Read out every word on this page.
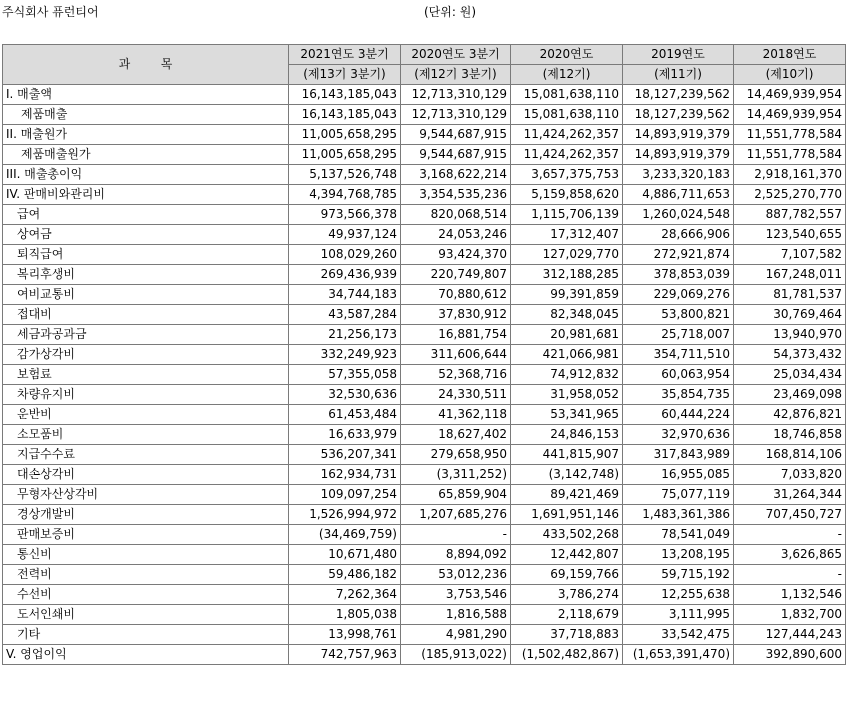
주식회사 퓨런티어	(단위: 원)
과        목	2021연도 3분기	2020연도 3분기	2020연도	2019연도	2018연도
	(제13기 3분기)	(제12기 3분기)	(제12기)	(제11기)	(제10기)
I. 매출액	16,143,185,043	12,713,310,129	15,081,638,110	18,127,239,562	14,469,939,954
제품매출	16,143,185,043	12,713,310,129	15,081,638,110	18,127,239,562	14,469,939,954
II. 매출원가	11,005,658,295	9,544,687,915	11,424,262,357	14,893,919,379	11,551,778,584
제품매출원가	11,005,658,295	9,544,687,915	11,424,262,357	14,893,919,379	11,551,778,584
III. 매출총이익	5,137,526,748	3,168,622,214	3,657,375,753	3,233,320,183	2,918,161,370
IV. 판매비와관리비	4,394,768,785	3,354,535,236	5,159,858,620	4,886,711,653	2,525,270,770
급여	973,566,378	820,068,514	1,115,706,139	1,260,024,548	887,782,557
상여금	49,937,124	24,053,246	17,312,407	28,666,906	123,540,655
퇴직급여	108,029,260	93,424,370	127,029,770	272,921,874	7,107,582
복리후생비	269,436,939	220,749,807	312,188,285	378,853,039	167,248,011
여비교통비	34,744,183	70,880,612	99,391,859	229,069,276	81,781,537
접대비	43,587,284	37,830,912	82,348,045	53,800,821	30,769,464
세금과공과금	21,256,173	16,881,754	20,981,681	25,718,007	13,940,970
감가상각비	332,249,923	311,606,644	421,066,981	354,711,510	54,373,432
보험료	57,355,058	52,368,716	74,912,832	60,063,954	25,034,434
차량유지비	32,530,636	24,330,511	31,958,052	35,854,735	23,469,098
운반비	61,453,484	41,362,118	53,341,965	60,444,224	42,876,821
소모품비	16,633,979	18,627,402	24,846,153	32,970,636	18,746,858
지급수수료	536,207,341	279,658,950	441,815,907	317,843,989	168,814,106
대손상각비	162,934,731	(3,311,252)	(3,142,748)	16,955,085	7,033,820
무형자산상각비	109,097,254	65,859,904	89,421,469	75,077,119	31,264,344
경상개발비	1,526,994,972	1,207,685,276	1,691,951,146	1,483,361,386	707,450,727
판매보증비	(34,469,759)	-	433,502,268	78,541,049	-
통신비	10,671,480	8,894,092	12,442,807	13,208,195	3,626,865
전력비	59,486,182	53,012,236	69,159,766	59,715,192	-
수선비	7,262,364	3,753,546	3,786,274	12,255,638	1,132,546
도서인쇄비	1,805,038	1,816,588	2,118,679	3,111,995	1,832,700
기타	13,998,761	4,981,290	37,718,883	33,542,475	127,444,243
V. 영업이익	742,757,963	(185,913,022)	(1,502,482,867)	(1,653,391,470)	392,890,600
